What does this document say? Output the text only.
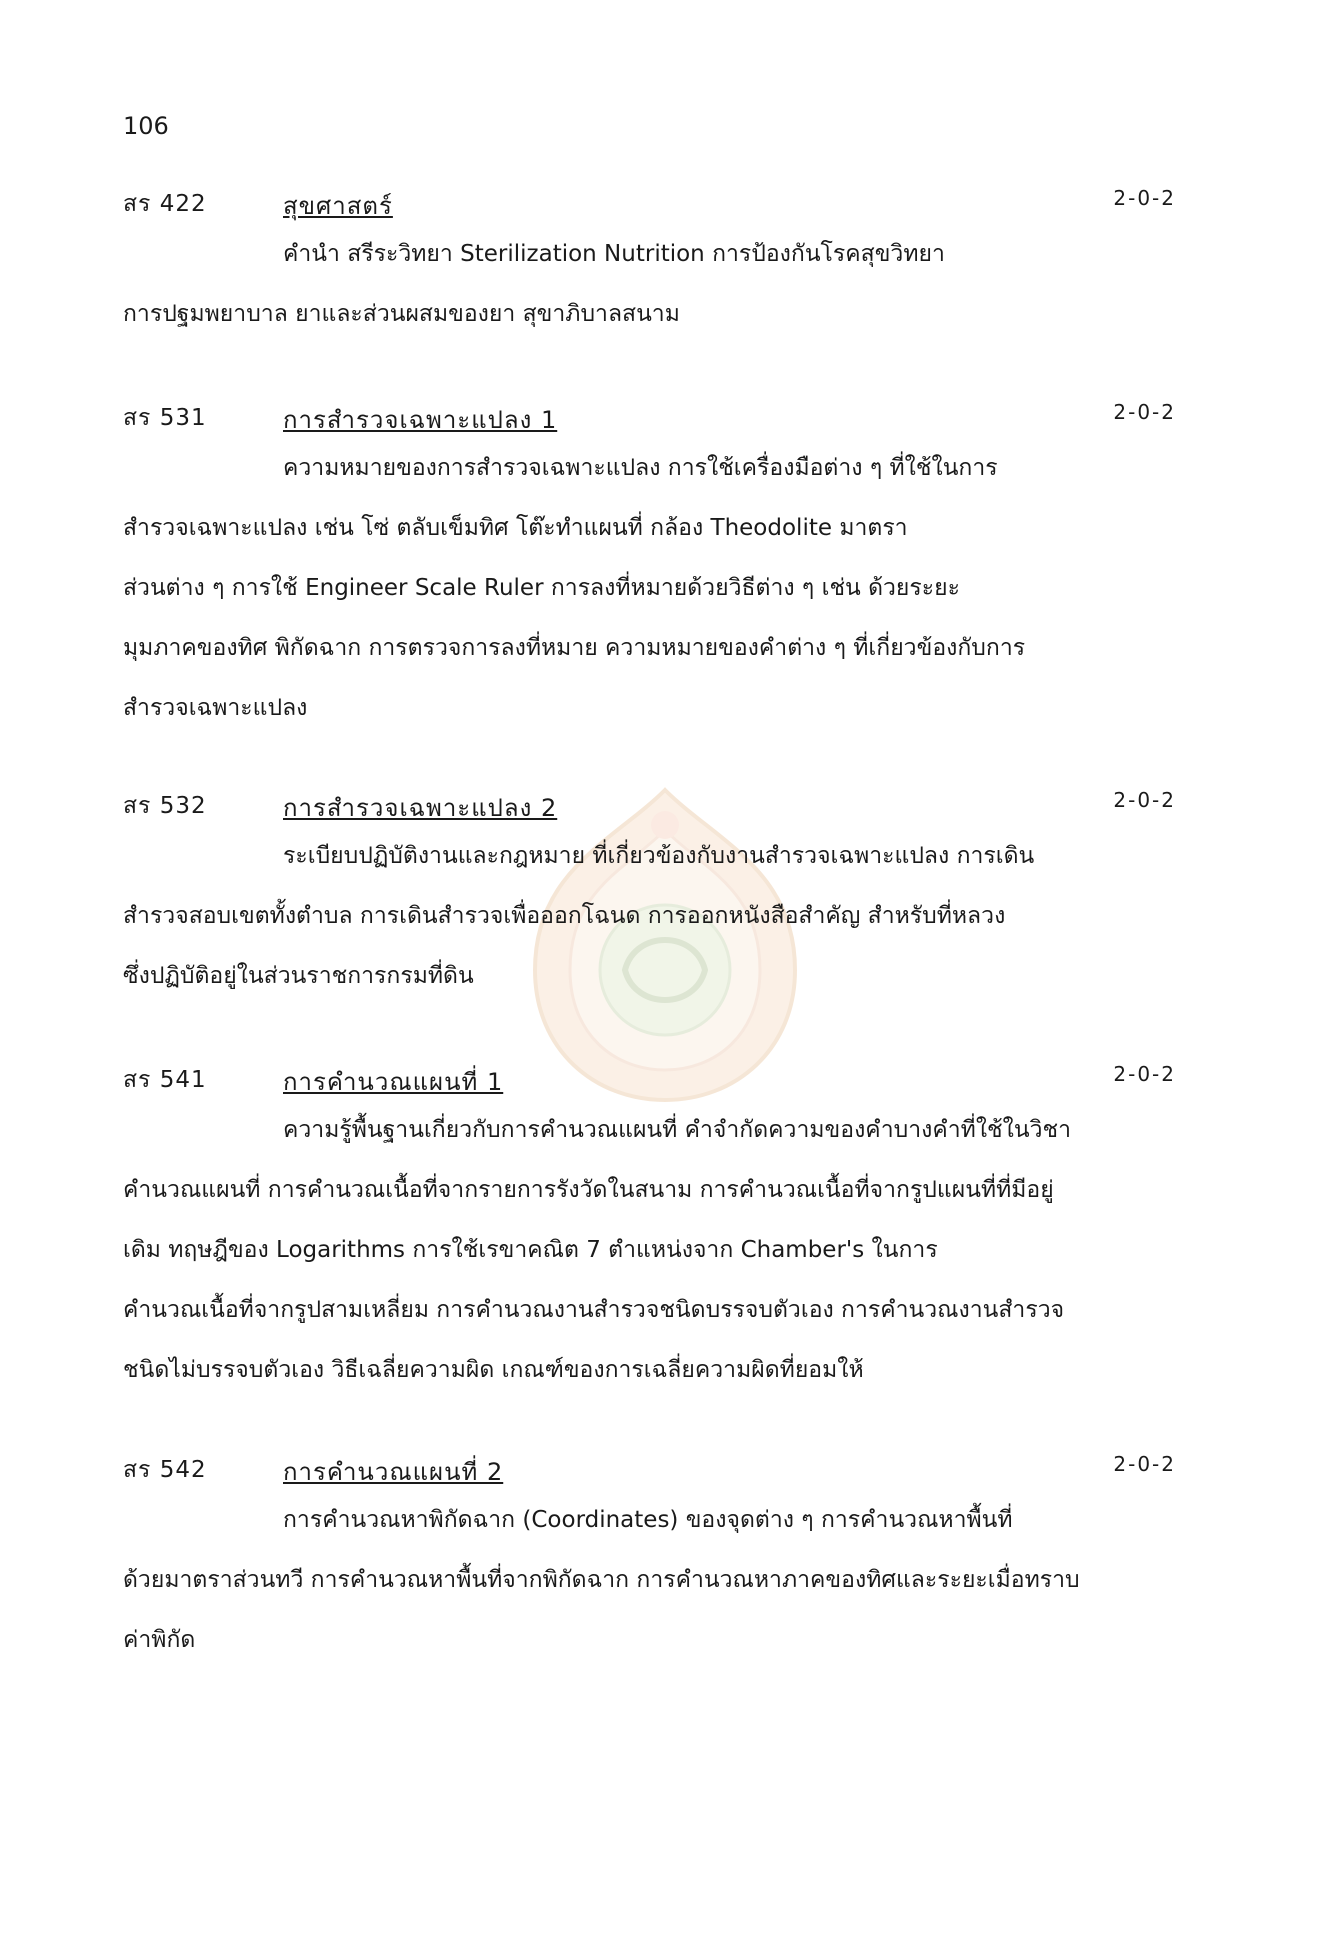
106
สร 422	สุขศาสตร์	2-0-2

คำนำ สรีระวิทยา Sterilization Nutrition การป้องกันโรคสุขวิทยา
การปฐมพยาบาล ยาและส่วนผสมของยา สุขาภิบาลสนาม

สร 531	การสำรวจเฉพาะแปลง 1	2-0-2

ความหมายของการสำรวจเฉพาะแปลง การใช้เครื่องมือต่าง ๆ ที่ใช้ในการ
สำรวจเฉพาะแปลง เช่น โซ่ ตลับเข็มทิศ โต๊ะทำแผนที่ กล้อง Theodolite มาตรา
ส่วนต่าง ๆ การใช้ Engineer Scale Ruler การลงที่หมายด้วยวิธีต่าง ๆ เช่น ด้วยระยะ
มุมภาคของทิศ พิกัดฉาก การตรวจการลงที่หมาย ความหมายของคำต่าง ๆ ที่เกี่ยวข้องกับการ
สำรวจเฉพาะแปลง

สร 532	การสำรวจเฉพาะแปลง 2	2-0-2

ระเบียบปฏิบัติงานและกฎหมาย ที่เกี่ยวข้องกับงานสำรวจเฉพาะแปลง การเดิน
สำรวจสอบเขตทั้งตำบล การเดินสำรวจเพื่อออกโฉนด การออกหนังสือสำคัญ สำหรับที่หลวง
ซึ่งปฏิบัติอยู่ในส่วนราชการกรมที่ดิน

สร 541	การคำนวณแผนที่ 1	2-0-2

ความรู้พื้นฐานเกี่ยวกับการคำนวณแผนที่ คำจำกัดความของคำบางคำที่ใช้ในวิชา
คำนวณแผนที่ การคำนวณเนื้อที่จากรายการรังวัดในสนาม การคำนวณเนื้อที่จากรูปแผนที่ที่มีอยู่
เดิม ทฤษฎีของ Logarithms การใช้เรขาคณิต 7 ตำแหน่งจาก Chamber's ในการ
คำนวณเนื้อที่จากรูปสามเหลี่ยม การคำนวณงานสำรวจชนิดบรรจบตัวเอง การคำนวณงานสำรวจ
ชนิดไม่บรรจบตัวเอง วิธีเฉลี่ยความผิด เกณฑ์ของการเฉลี่ยความผิดที่ยอมให้

สร 542	การคำนวณแผนที่ 2	2-0-2

การคำนวณหาพิกัดฉาก (Coordinates) ของจุดต่าง ๆ การคำนวณหาพื้นที่
ด้วยมาตราส่วนทวี การคำนวณหาพื้นที่จากพิกัดฉาก การคำนวณหาภาคของทิศและระยะเมื่อทราบ
ค่าพิกัด
